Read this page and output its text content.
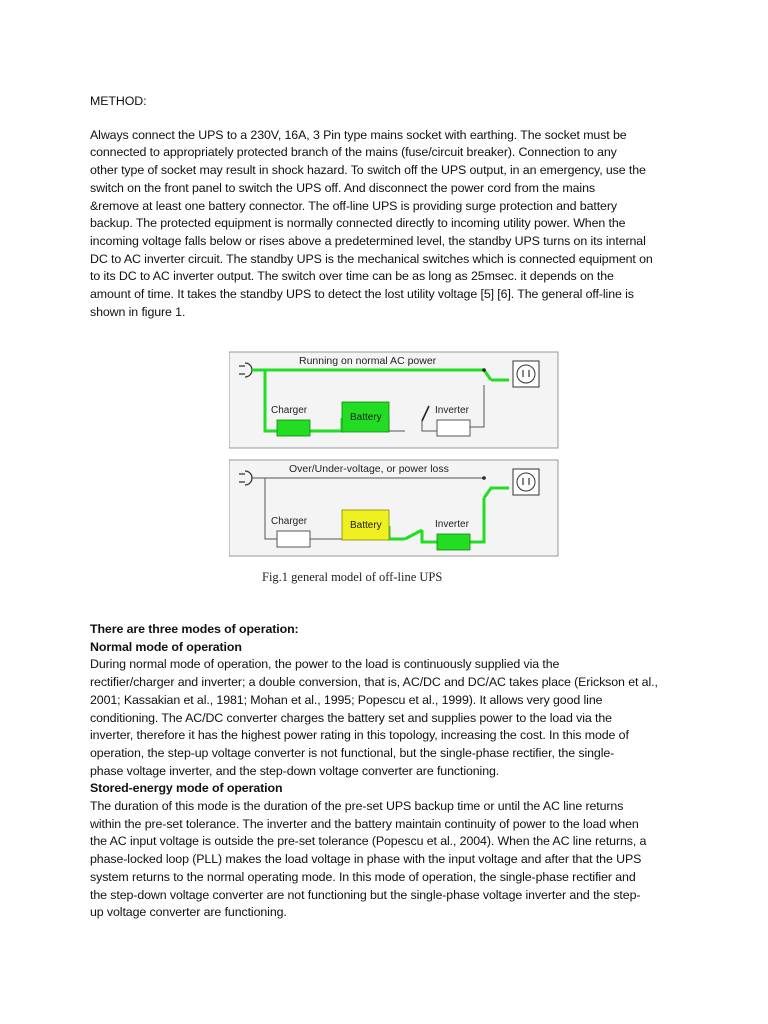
METHOD:

Always connect the UPS to a 230V, 16A, 3 Pin type mains socket with earthing. The socket must be

connected to appropriately protected branch of the mains (fuse/circuit breaker). Connection to any

other type of socket may result in shock hazard. To switch off the UPS output, in an emergency, use the

switch on the front panel to switch the UPS off. And disconnect the power cord from the mains

&remove at least one battery connector. The off-line UPS is providing surge protection and battery

backup. The protected equipment is normally connected directly to incoming utility power. When the

incoming voltage falls below or rises above a predetermined level, the standby UPS turns on its internal

DC to AC inverter circuit. The standby UPS is the mechanical switches which is connected equipment on

to its DC to AC inverter output. The switch over time can be as long as 25msec. it depends on the

amount of time. It takes the standby UPS to detect the lost utility voltage [5] [6]. The general off-line is

shown in figure 1.

Running on normal AC power
Charger
Battery
Inverter
Over/Under-voltage, or power loss
Charger	Battery	Inverter
Fig.1 general model of off-line UPS

There are three modes of operation:

Normal mode of operation

During normal mode of operation, the power to the load is continuously supplied via the

rectifier/charger and inverter; a double conversion, that is, AC/DC and DC/AC takes place (Erickson et al.,

2001; Kassakian et al., 1981; Mohan et al., 1995; Popescu et al., 1999). It allows very good line

conditioning. The AC/DC converter charges the battery set and supplies power to the load via the

inverter, therefore it has the highest power rating in this topology, increasing the cost. In this mode of

operation, the step-up voltage converter is not functional, but the single-phase rectifier, the single-

phase voltage inverter, and the step-down voltage converter are functioning.

Stored-energy mode of operation

The duration of this mode is the duration of the pre-set UPS backup time or until the AC line returns

within the pre-set tolerance. The inverter and the battery maintain continuity of power to the load when

the AC input voltage is outside the pre-set tolerance (Popescu et al., 2004). When the AC line returns, a

phase-locked loop (PLL) makes the load voltage in phase with the input voltage and after that the UPS

system returns to the normal operating mode. In this mode of operation, the single-phase rectifier and

the step-down voltage converter are not functioning but the single-phase voltage inverter and the step-

up voltage converter are functioning.
